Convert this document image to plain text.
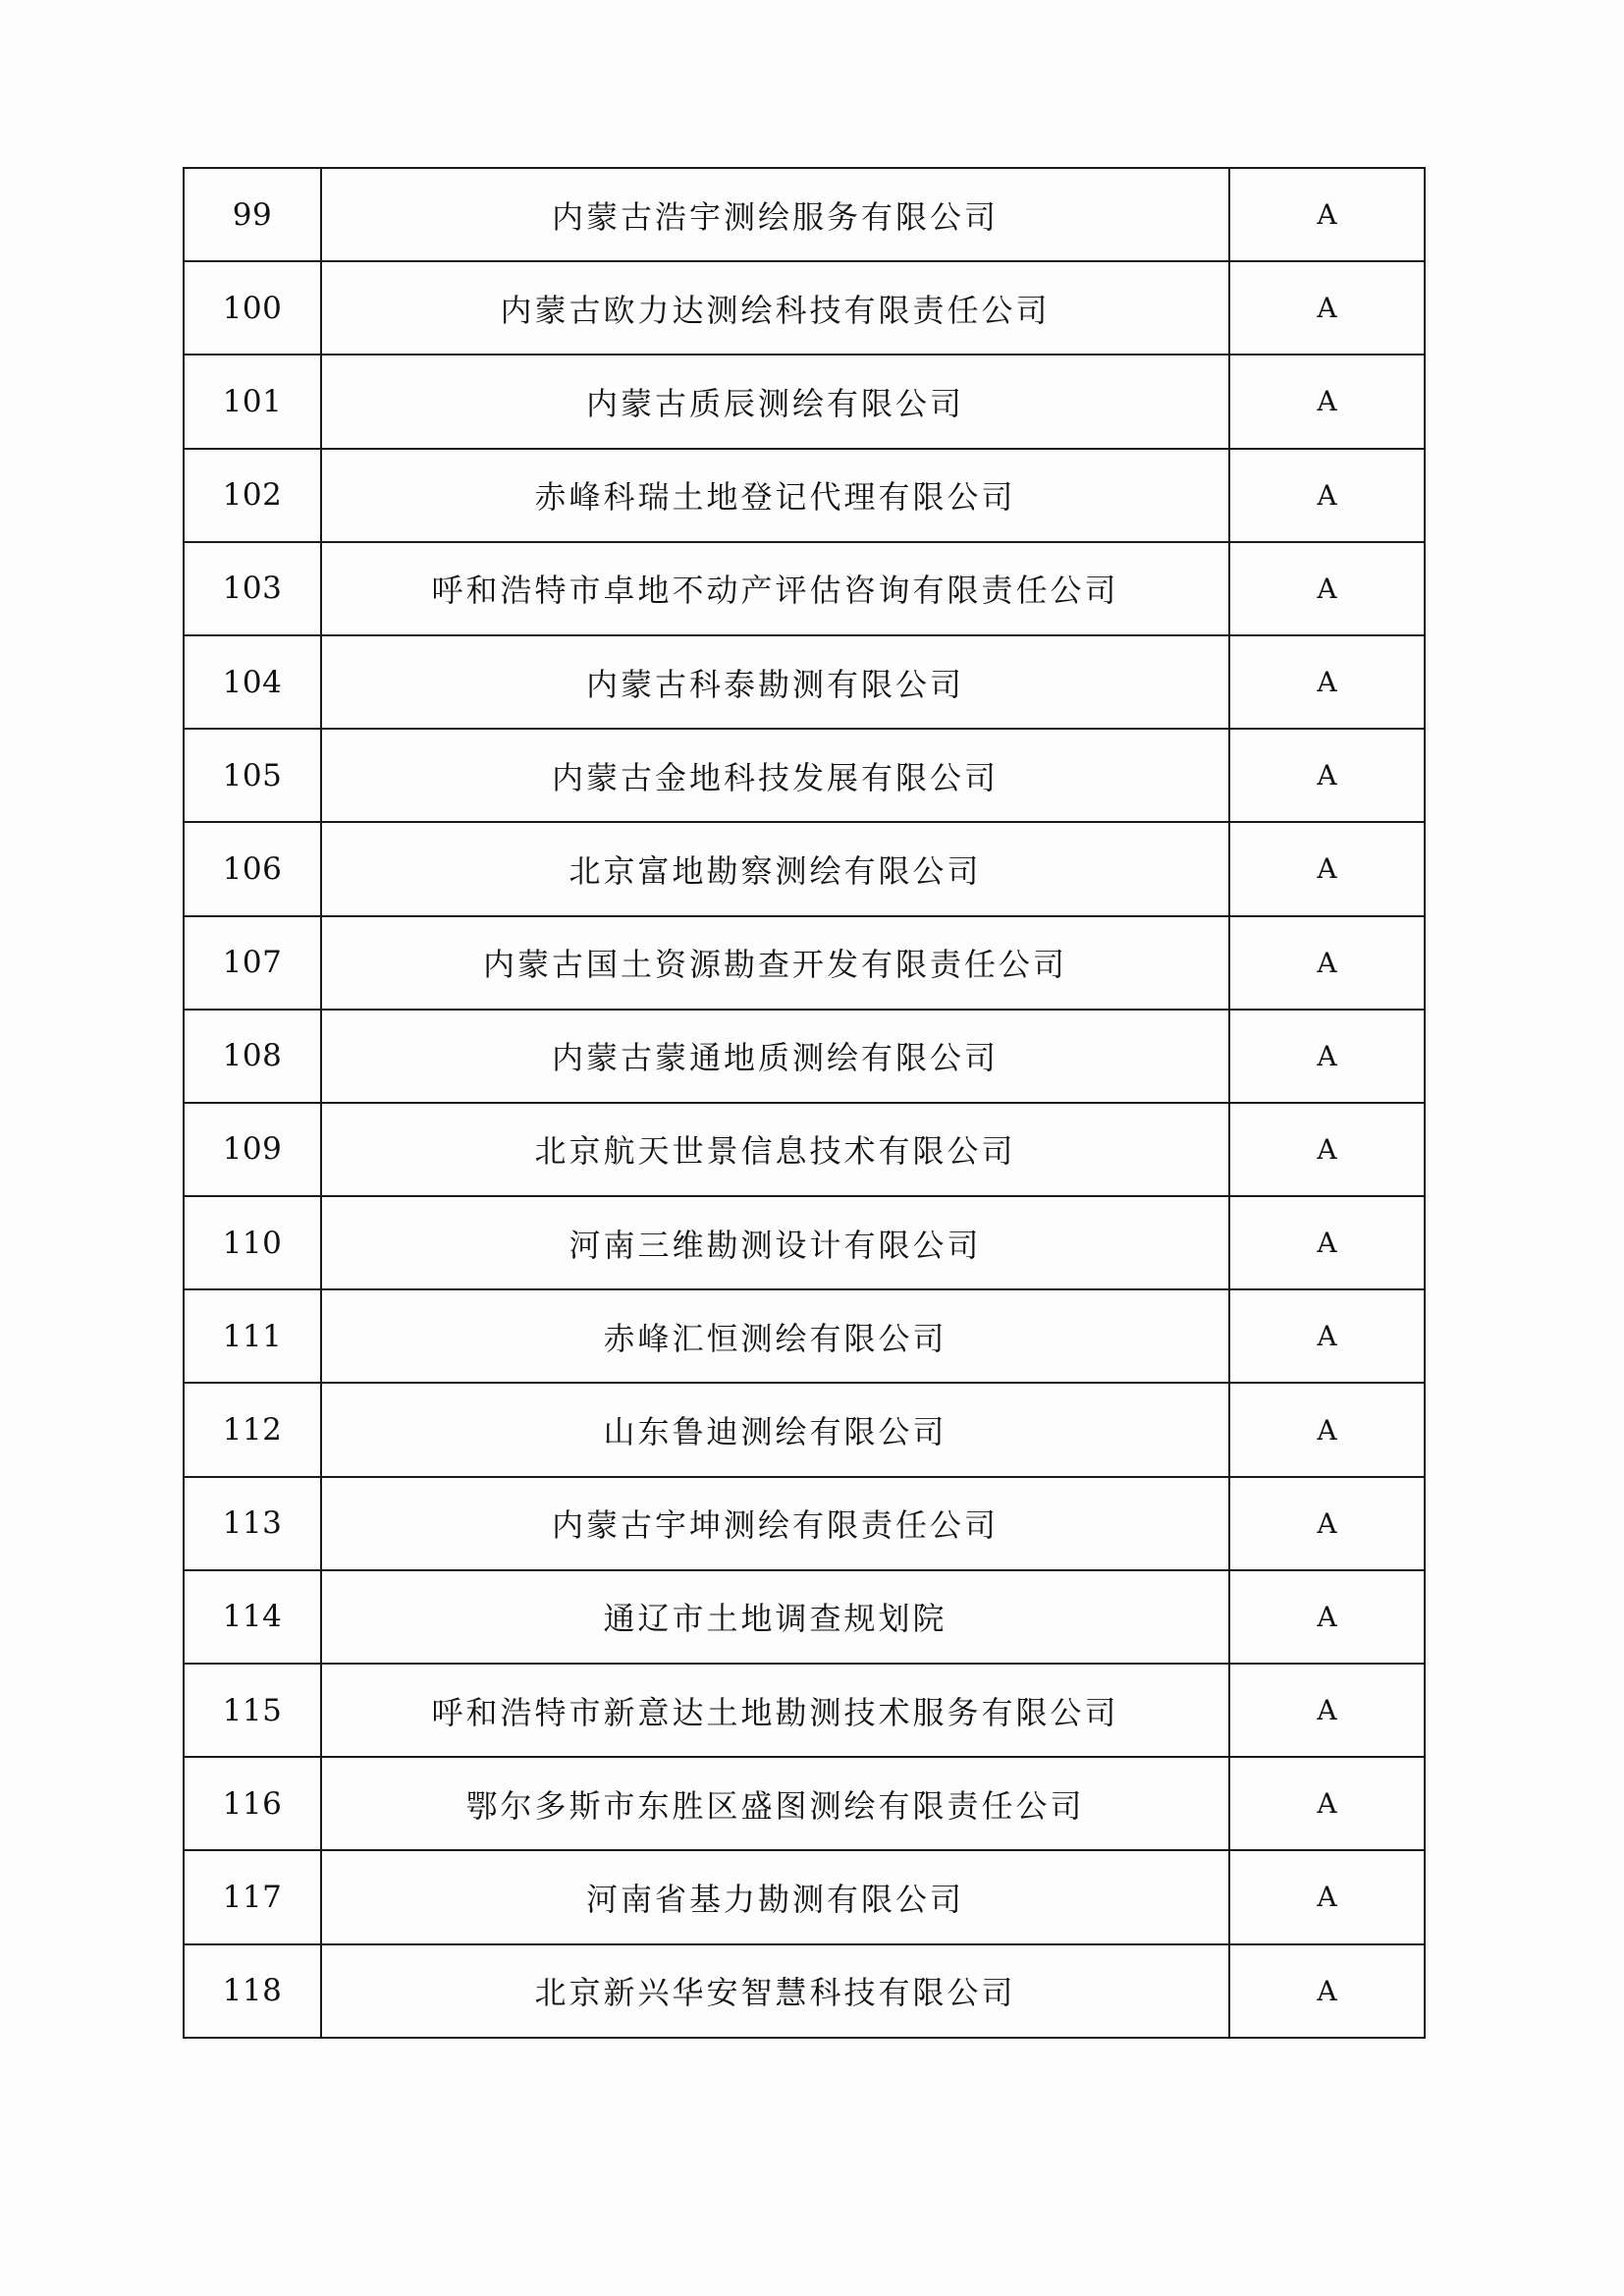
99	内蒙古浩宇测绘服务有限公司	A
100	内蒙古欧力达测绘科技有限责任公司	A
101	内蒙古质辰测绘有限公司	A
102	赤峰科瑞土地登记代理有限公司	A
103	呼和浩特市卓地不动产评估咨询有限责任公司	A
104	内蒙古科泰勘测有限公司	A
105	内蒙古金地科技发展有限公司	A
106	北京富地勘察测绘有限公司	A
107	内蒙古国土资源勘查开发有限责任公司	A
108	内蒙古蒙通地质测绘有限公司	A
109	北京航天世景信息技术有限公司	A
110	河南三维勘测设计有限公司	A
111	赤峰汇恒测绘有限公司	A
112	山东鲁迪测绘有限公司	A
113	内蒙古宇坤测绘有限责任公司	A
114	通辽市土地调查规划院	A
115	呼和浩特市新意达土地勘测技术服务有限公司	A
116	鄂尔多斯市东胜区盛图测绘有限责任公司	A
117	河南省基力勘测有限公司	A
118	北京新兴华安智慧科技有限公司	A
